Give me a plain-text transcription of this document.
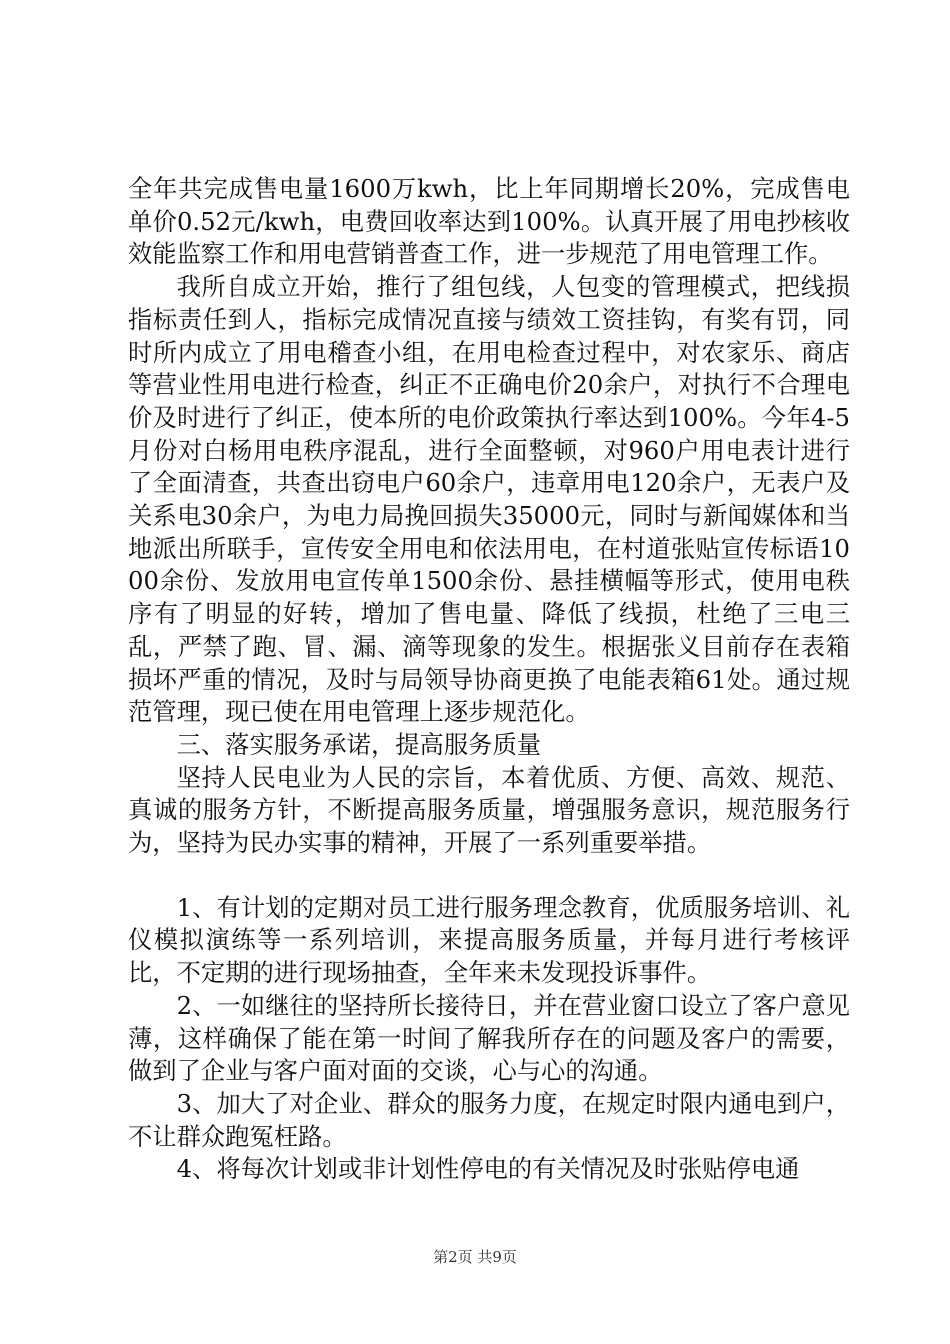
全年共完成售电量1600万kwh，比上年同期增长20%，完成售电单价0.52元/kwh，电费回收率达到100%。认真开展了用电抄核收效能监察工作和用电营销普查工作，进一步规范了用电管理工作。

我所自成立开始，推行了组包线，人包变的管理模式，把线损指标责任到人，指标完成情况直接与绩效工资挂钩，有奖有罚，同时所内成立了用电稽查小组，在用电检查过程中，对农家乐、商店等营业性用电进行检查，纠正不正确电价20余户，对执行不合理电价及时进行了纠正，使本所的电价政策执行率达到100%。今年4-5月份对白杨用电秩序混乱，进行全面整顿，对960户用电表计进行了全面清查，共查出窃电户60余户，违章用电120余户，无表户及关系电30余户，为电力局挽回损失35000元，同时与新闻媒体和当地派出所联手，宣传安全用电和依法用电，在村道张贴宣传标语1000余份、发放用电宣传单1500余份、悬挂横幅等形式，使用电秩序有了明显的好转，增加了售电量、降低了线损，杜绝了三电三乱，严禁了跑、冒、漏、滴等现象的发生。根据张义目前存在表箱损坏严重的情况，及时与局领导协商更换了电能表箱61处。通过规范管理，现已使在用电管理上逐步规范化。

三、落实服务承诺，提高服务质量

坚持人民电业为人民的宗旨，本着优质、方便、高效、规范、真诚的服务方针，不断提高服务质量，增强服务意识，规范服务行为，坚持为民办实事的精神，开展了一系列重要举措。

1、有计划的定期对员工进行服务理念教育，优质服务培训、礼仪模拟演练等一系列培训，来提高服务质量，并每月进行考核评比，不定期的进行现场抽查，全年来未发现投诉事件。

2、一如继往的坚持所长接待日，并在营业窗口设立了客户意见薄，这样确保了能在第一时间了解我所存在的问题及客户的需要，做到了企业与客户面对面的交谈，心与心的沟通。

3、加大了对企业、群众的服务力度，在规定时限内通电到户，不让群众跑冤枉路。

4、将每次计划或非计划性停电的有关情况及时张贴停电通

第2页 共9页
